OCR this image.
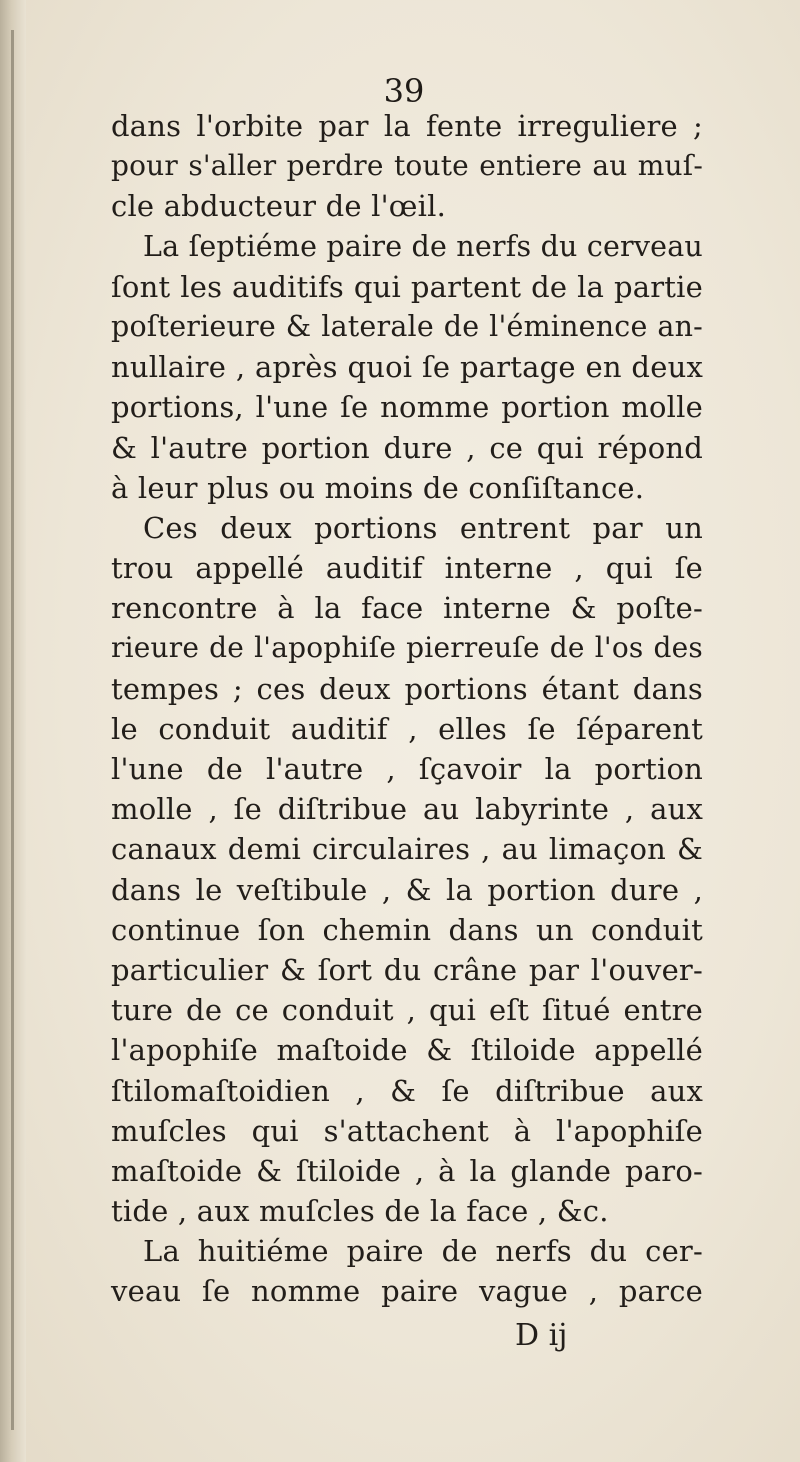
39
dans l'orbite par la fente irreguliere ;
pour s'aller perdre toute entiere au muſ-
cle abducteur de l'œil.
La ſeptiéme paire de nerfs du cerveau
ſont les auditifs qui partent de la partie
poſterieure & laterale de l'éminence an-
nullaire , après quoi ſe partage en deux
portions, l'une ſe nomme portion molle
& l'autre portion dure , ce qui répond
à leur plus ou moins de conſiſtance.
Ces deux portions entrent par un
trou appellé auditif interne , qui ſe
rencontre à la face interne & poſte-
rieure de l'apophiſe pierreuſe de l'os des
tempes ; ces deux portions étant dans
le conduit auditif , elles ſe ſéparent
l'une de l'autre , ſçavoir la portion
molle , ſe diſtribue au labyrinte , aux
canaux demi circulaires , au limaçon &
dans le veſtibule , & la portion dure ,
continue ſon chemin dans un conduit
particulier & ſort du crâne par l'ouver-
ture de ce conduit , qui eſt ſitué entre
l'apophiſe maſtoide & ſtiloide appellé
ſtilomaſtoidien , & ſe diſtribue aux
muſcles qui s'attachent à l'apophiſe
maſtoide & ſtiloide , à la glande paro-
tide , aux muſcles de la face , &c.
La huitiéme paire de nerfs du cer-
veau ſe nomme paire vague , parce
D ij
